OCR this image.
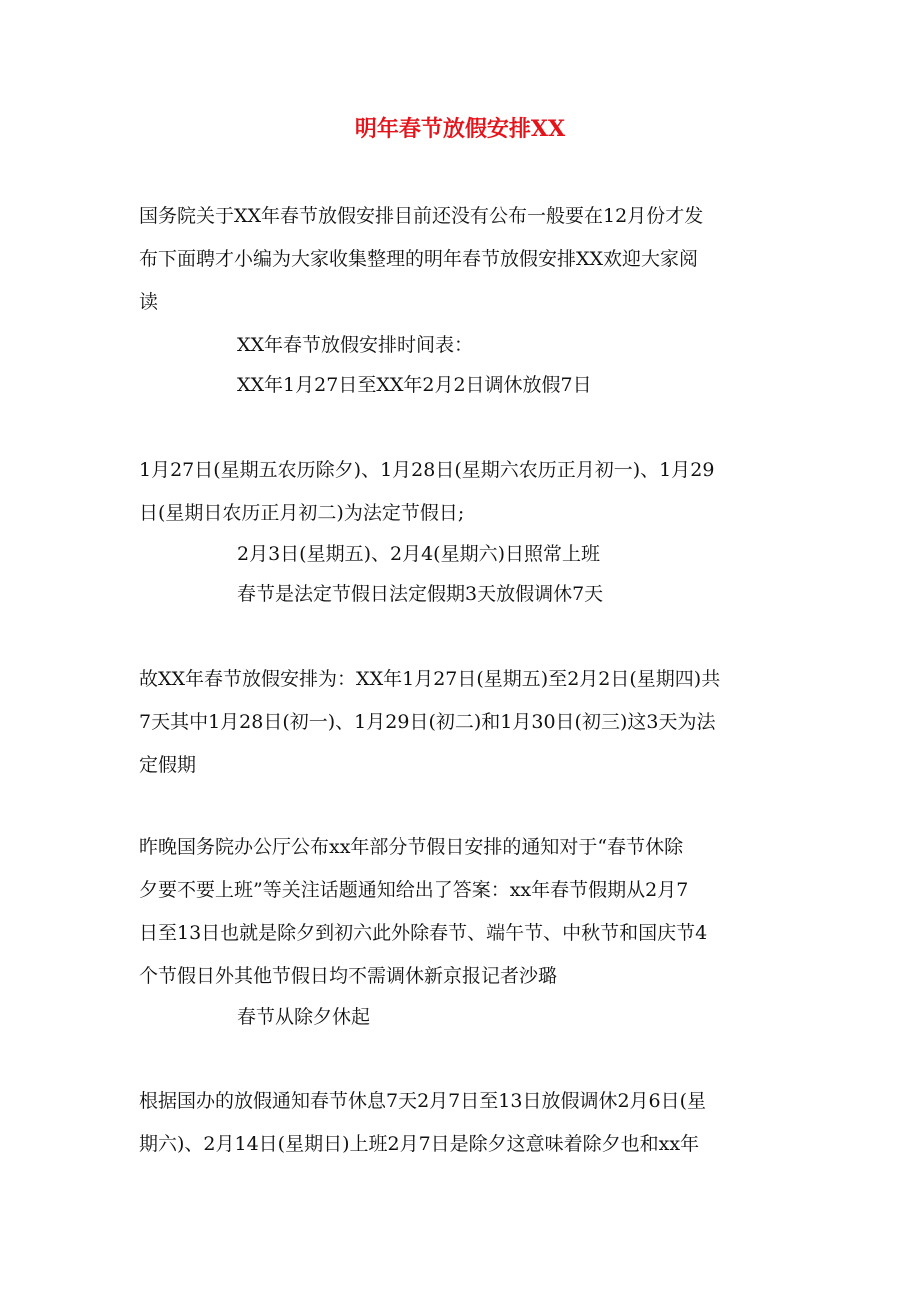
明年春节放假安排XX
国务院关于XX年春节放假安排目前还没有公布一般要在12月份才发
布下面聘才小编为大家收集整理的明年春节放假安排XX欢迎大家阅
读
XX年春节放假安排时间表：
XX年1月27日至XX年2月2日调休放假7日
1月27日(星期五农历除夕)、1月28日(星期六农历正月初一)、1月29
日(星期日农历正月初二)为法定节假日;
2月3日(星期五)、2月4(星期六)日照常上班
春节是法定节假日法定假期3天放假调休7天
故XX年春节放假安排为：XX年1月27日(星期五)至2月2日(星期四)共
7天其中1月28日(初一)、1月29日(初二)和1月30日(初三)这3天为法
定假期
昨晚国务院办公厅公布xx年部分节假日安排的通知对于“春节休除
夕要不要上班”等关注话题通知给出了答案：xx年春节假期从2月7
日至13日也就是除夕到初六此外除春节、端午节、中秋节和国庆节4
个节假日外其他节假日均不需调休新京报记者沙璐
春节从除夕休起
根据国办的放假通知春节休息7天2月7日至13日放假调休2月6日(星
期六)、2月14日(星期日)上班2月7日是除夕这意味着除夕也和xx年
